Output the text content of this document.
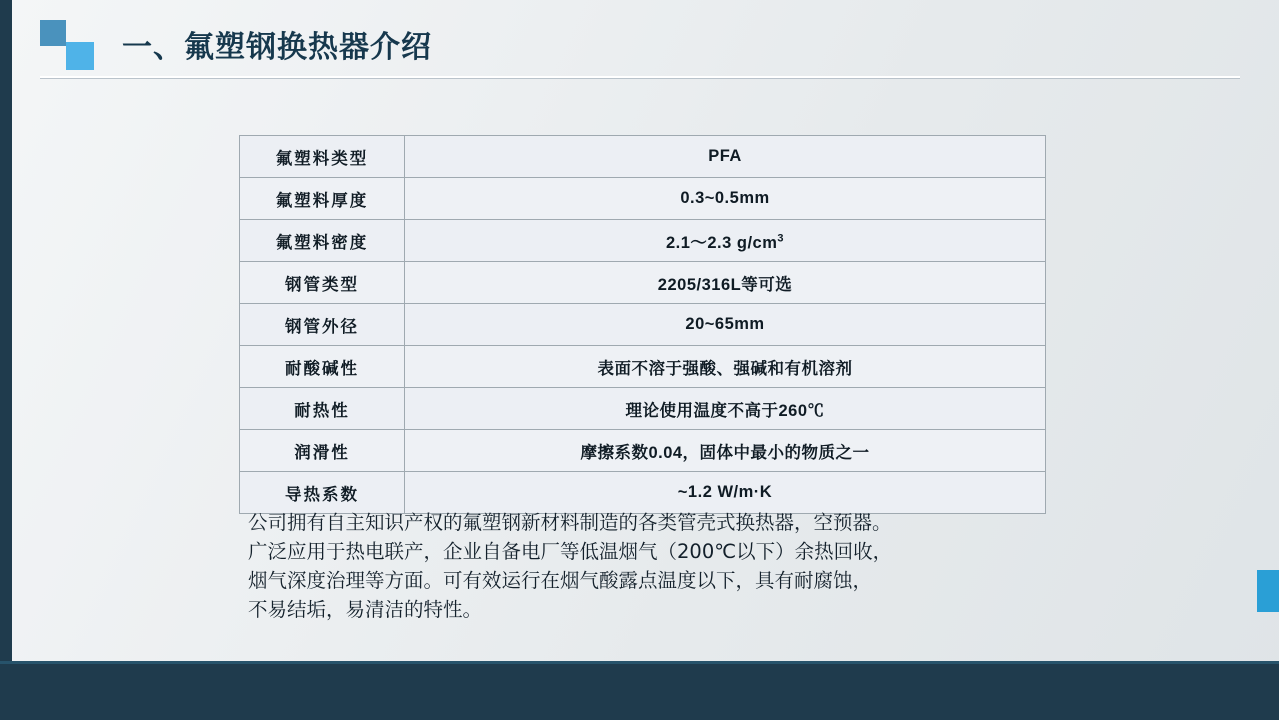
一、氟塑钢换热器介绍
氟塑料类型	PFA
氟塑料厚度	0.3~0.5mm
氟塑料密度	2.1～2.3 $g/cm^3$
钢管类型	2205/316L等可选
钢管外径	20~65mm
耐酸碱性	表面不溶于强酸、强碱和有机溶剂
耐热性	理论使用温度不高于260℃
润滑性	摩擦系数0.04，固体中最小的物质之一
导热系数	~1.2 W/m·K
公司拥有自主知识产权的氟塑钢新材料制造的各类管壳式换热器，空预器。
广泛应用于热电联产，企业自备电厂等低温烟气（200℃以下）余热回收，
烟气深度治理等方面。可有效运行在烟气酸露点温度以下，具有耐腐蚀，
不易结垢，易清洁的特性。
